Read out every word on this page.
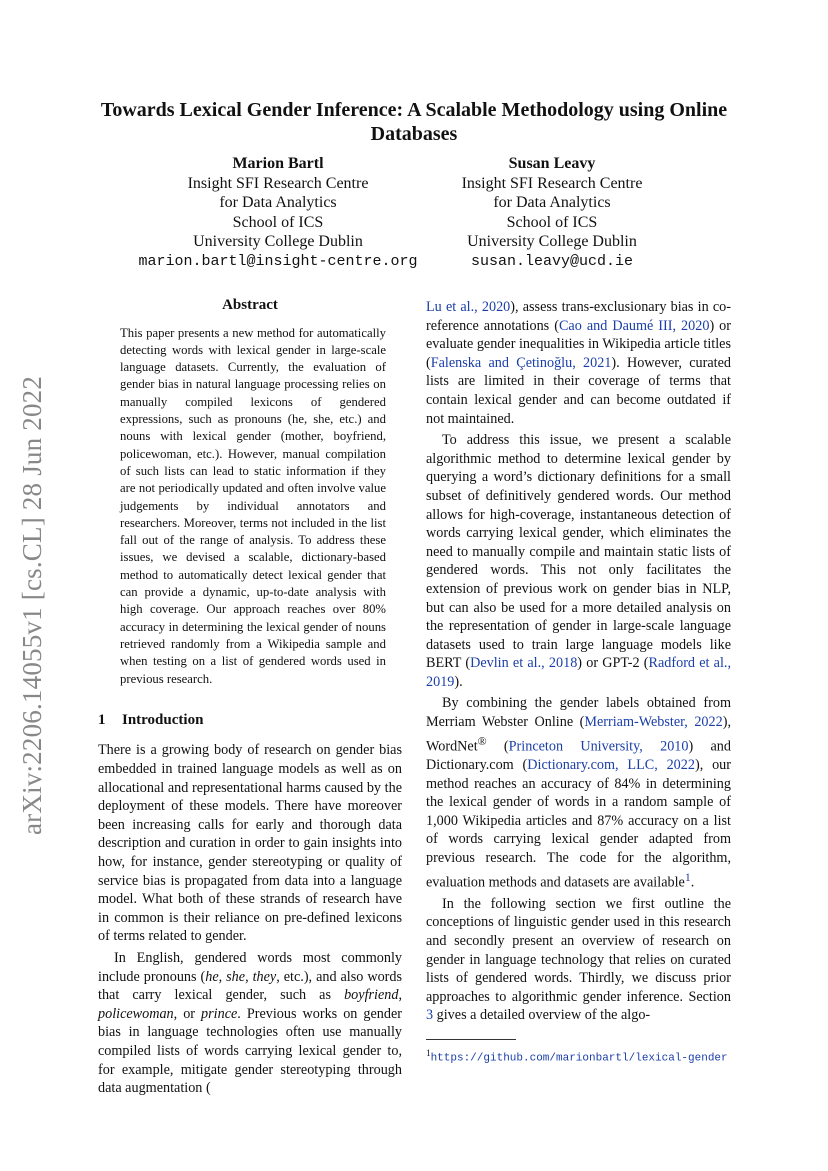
arXiv:2206.14055v1 [cs.CL] 28 Jun 2022
Towards Lexical Gender Inference: A Scalable Methodology using Online Databases
Marion Bartl
Insight SFI Research Centre
for Data Analytics
School of ICS
University College Dublin
marion.bartl@insight-centre.org
Susan Leavy
Insight SFI Research Centre
for Data Analytics
School of ICS
University College Dublin
susan.leavy@ucd.ie
Abstract

This paper presents a new method for automatically detecting words with lexical gender in large-scale language datasets. Currently, the evaluation of gender bias in natural language processing relies on manually compiled lexicons of gendered expressions, such as pronouns (he, she, etc.) and nouns with lexical gender (mother, boyfriend, policewoman, etc.). However, manual compilation of such lists can lead to static information if they are not periodically updated and often involve value judgements by individual annotators and researchers. Moreover, terms not included in the list fall out of the range of analysis. To address these issues, we devised a scalable, dictionary-based method to automatically detect lexical gender that can provide a dynamic, up-to-date analysis with high coverage. Our approach reaches over 80% accuracy in determining the lexical gender of nouns retrieved randomly from a Wikipedia sample and when testing on a list of gendered words used in previous research.

1 Introduction

There is a growing body of research on gender bias embedded in trained language models as well as on allocational and representational harms caused by the deployment of these models. There have moreover been increasing calls for early and thorough data description and curation in order to gain insights into how, for instance, gender stereotyping or quality of service bias is propagated from data into a language model. What both of these strands of research have in common is their reliance on pre-defined lexicons of terms related to gender.

In English, gendered words most commonly include pronouns (he, she, they, etc.), and also words that carry lexical gender, such as boyfriend, policewoman, or prince. Previous works on gender bias in language technologies often use manually compiled lists of words carrying lexical gender to, for example, mitigate gender stereotyping through data augmentation (

Lu et al., 2020), assess trans-exclusionary bias in co-reference annotations (Cao and Daumé III, 2020) or evaluate gender inequalities in Wikipedia article titles (Falenska and Çetinoğlu, 2021). However, curated lists are limited in their coverage of terms that contain lexical gender and can become outdated if not maintained.

To address this issue, we present a scalable algorithmic method to determine lexical gender by querying a word’s dictionary definitions for a small subset of definitively gendered words. Our method allows for high-coverage, instantaneous detection of words carrying lexical gender, which eliminates the need to manually compile and maintain static lists of gendered words. This not only facilitates the extension of previous work on gender bias in NLP, but can also be used for a more detailed analysis on the representation of gender in large-scale language datasets used to train large language models like BERT (Devlin et al., 2018) or GPT-2 (Radford et al., 2019).

By combining the gender labels obtained from Merriam Webster Online (Merriam-Webster, 2022), WordNet® (Princeton University, 2010) and Dictionary.com (Dictionary.com, LLC, 2022), our method reaches an accuracy of 84% in determining the lexical gender of words in a random sample of 1,000 Wikipedia articles and 87% accuracy on a list of words carrying lexical gender adapted from previous research. The code for the algorithm, evaluation methods and datasets are available$^1$.

In the following section we first outline the conceptions of linguistic gender used in this research and secondly present an overview of research on gender in language technology that relies on curated lists of gendered words. Thirdly, we discuss prior approaches to algorithmic gender inference. Section 3 gives a detailed overview of the algo-

$^1$https://github.com/marionbartl/lexical-gender
